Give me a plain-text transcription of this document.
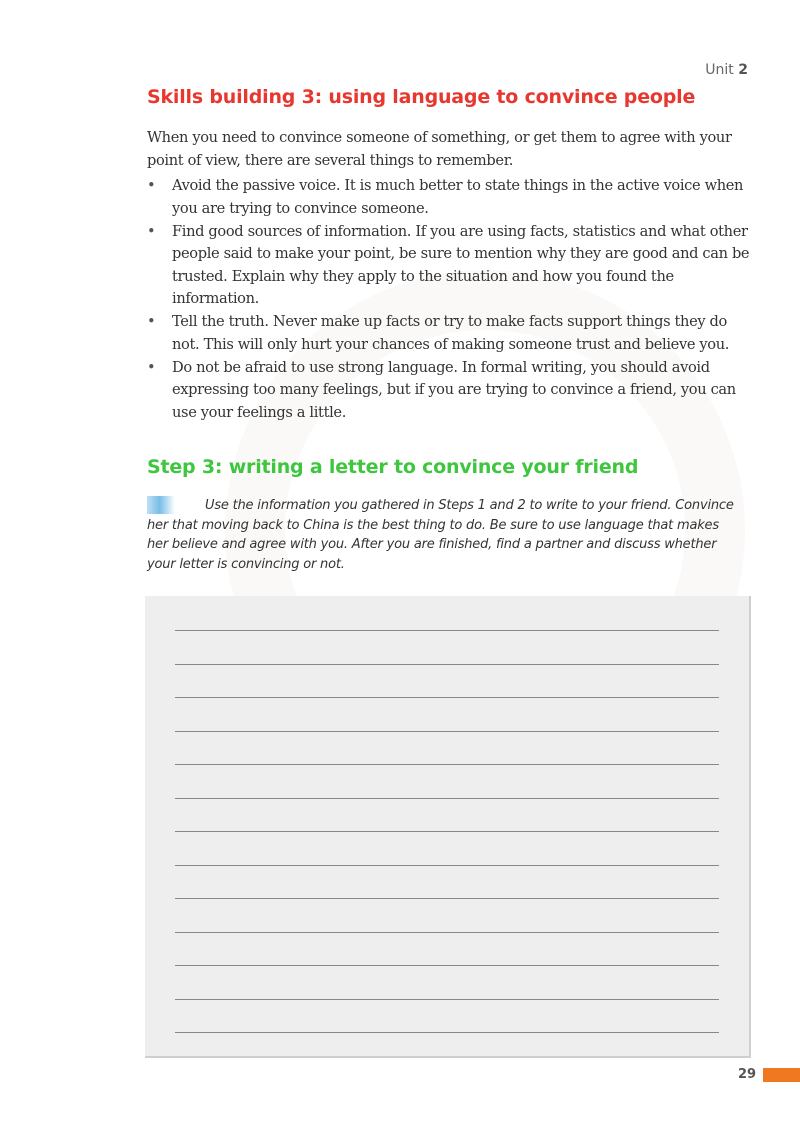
Unit 2
Skills building 3: using language to convince people

When you need to convince someone of something, or get them to agree with your point of view, there are several things to remember.

• Avoid the passive voice. It is much better to state things in the active voice when you are trying to convince someone.
• Find good sources of information. If you are using facts, statistics and what other people said to make your point, be sure to mention why they are good and can be trusted. Explain why they apply to the situation and how you found the information.
• Tell the truth. Never make up facts or try to make facts support things they do not. This will only hurt your chances of making someone trust and believe you.
• Do not be afraid to use strong language. In formal writing, you should avoid expressing too many feelings, but if you are trying to convince a friend, you can use your feelings a little.
Step 3: writing a letter to convince your friend

Use the information you gathered in Steps 1 and 2 to write to your friend. Convince her that moving back to China is the best thing to do. Be sure to use language that makes her believe and agree with you. After you are finished, find a partner and discuss whether your letter is convincing or not.

29
